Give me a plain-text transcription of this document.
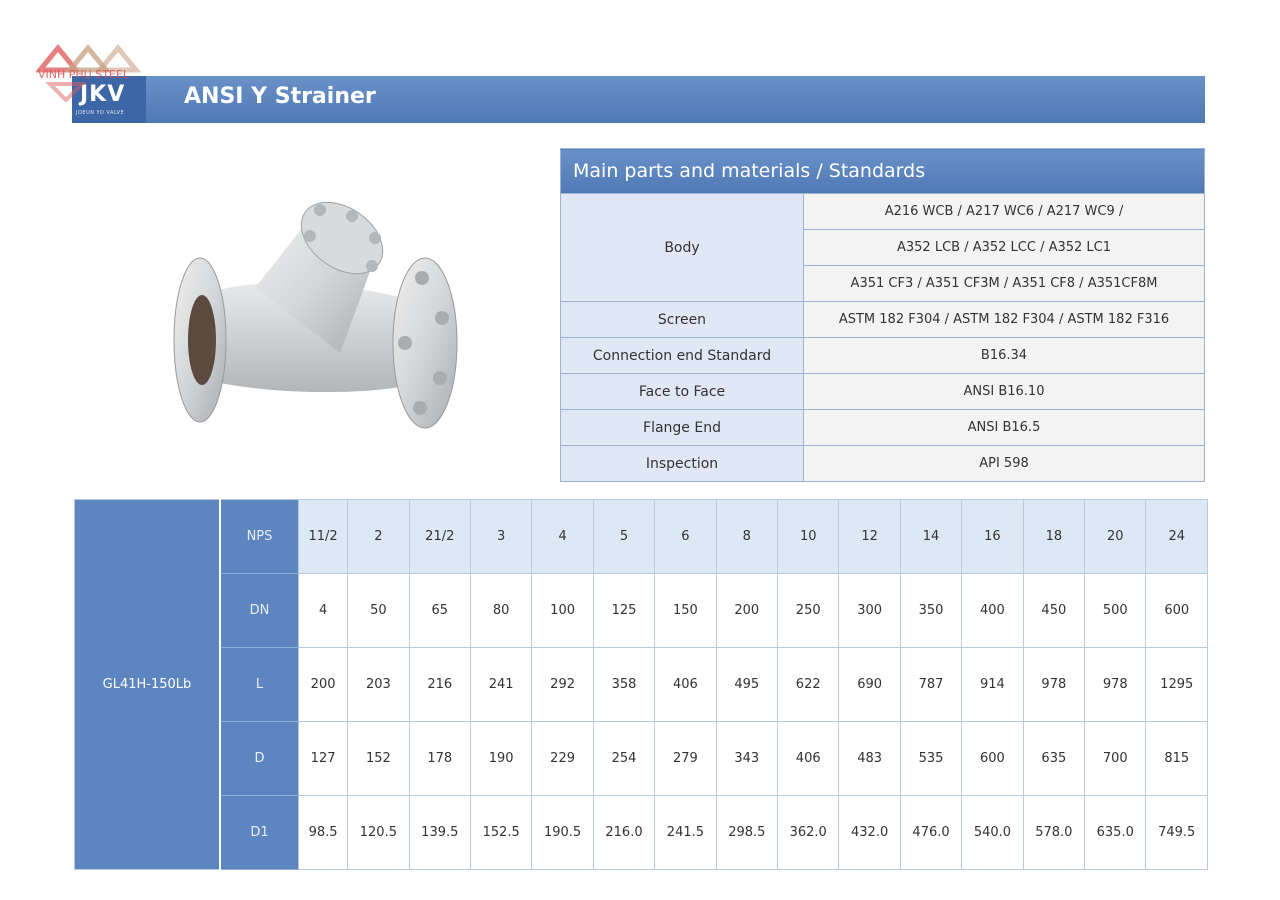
JKV
JOEUN YO VALVE
VINH PHU STEEL
ANSI Y Strainer
Main parts and materials / Standards	
Body	A216 WCB / A217 WC6 / A217 WC9 /
	A352 LCB / A352 LCC / A352 LC1
	A351 CF3 / A351 CF3M / A351 CF8 / A351CF8M
Screen	ASTM 182 F304 / ASTM 182 F304 / ASTM 182 F316
Connection end Standard	B16.34
Face to Face	ANSI B16.10
Flange End	ANSI B16.5
Inspection	API 598
GL41H-150Lb	NPS	11/2	2	21/2	3	4	5	6	8	10	12	14	16	18	20	24
	DN	4	50	65	80	100	125	150	200	250	300	350	400	450	500	600
	L	200	203	216	241	292	358	406	495	622	690	787	914	978	978	1295
	D	127	152	178	190	229	254	279	343	406	483	535	600	635	700	815
	D1	98.5	120.5	139.5	152.5	190.5	216.0	241.5	298.5	362.0	432.0	476.0	540.0	578.0	635.0	749.5
